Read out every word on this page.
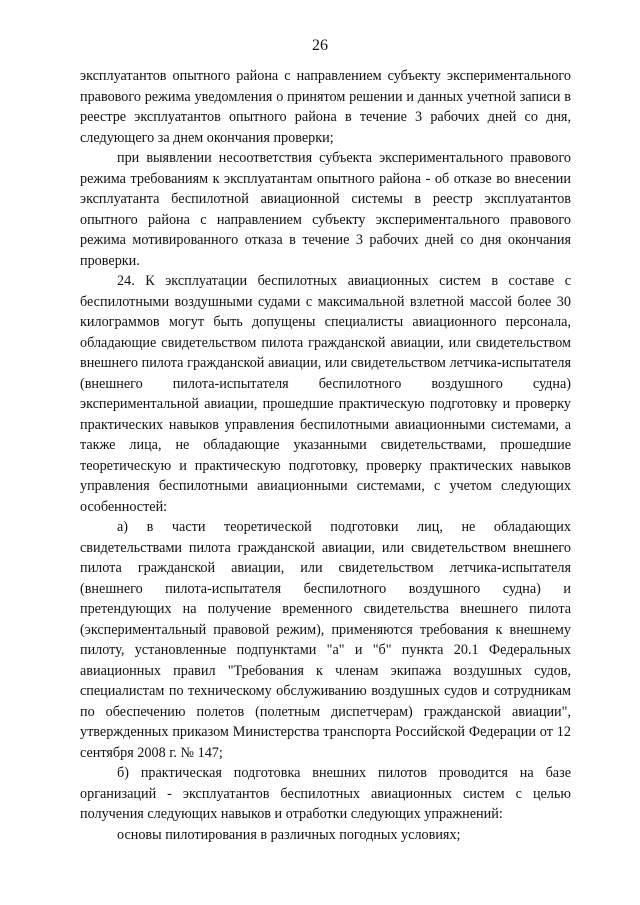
26

эксплуатантов опытного района с направлением субъекту экспериментального правового режима уведомления о принятом решении и данных учетной записи в реестре эксплуатантов опытного района в течение 3 рабочих дней со дня, следующего за днем окончания проверки;

при выявлении несоответствия субъекта экспериментального правового режима требованиям к эксплуатантам опытного района - об отказе во внесении эксплуатанта беспилотной авиационной системы в реестр эксплуатантов опытного района с направлением субъекту экспериментального правового режима мотивированного отказа в течение 3 рабочих дней со дня окончания проверки.

24. К эксплуатации беспилотных авиационных систем в составе с беспилотными воздушными судами с максимальной взлетной массой более 30 килограммов могут быть допущены специалисты авиационного персонала, обладающие свидетельством пилота гражданской авиации, или свидетельством внешнего пилота гражданской авиации, или свидетельством летчика-испытателя (внешнего пилота-испытателя беспилотного воздушного судна) экспериментальной авиации, прошедшие практическую подготовку и проверку практических навыков управления беспилотными авиационными системами, а также лица, не обладающие указанными свидетельствами, прошедшие теоретическую и практическую подготовку, проверку практических навыков управления беспилотными авиационными системами, с учетом следующих особенностей:

а) в части теоретической подготовки лиц, не обладающих свидетельствами пилота гражданской авиации, или свидетельством внешнего пилота гражданской авиации, или свидетельством летчика-испытателя (внешнего пилота-испытателя беспилотного воздушного судна) и претендующих на получение временного свидетельства внешнего пилота (экспериментальный правовой режим), применяются требования к внешнему пилоту, установленные подпунктами "а" и "б" пункта 20.1 Федеральных авиационных правил "Требования к членам экипажа воздушных судов, специалистам по техническому обслуживанию воздушных судов и сотрудникам по обеспечению полетов (полетным диспетчерам) гражданской авиации", утвержденных приказом Министерства транспорта Российской Федерации от 12 сентября 2008 г. № 147;

б) практическая подготовка внешних пилотов проводится на базе организаций - эксплуатантов беспилотных авиационных систем с целью получения следующих навыков и отработки следующих упражнений:

основы пилотирования в различных погодных условиях;
